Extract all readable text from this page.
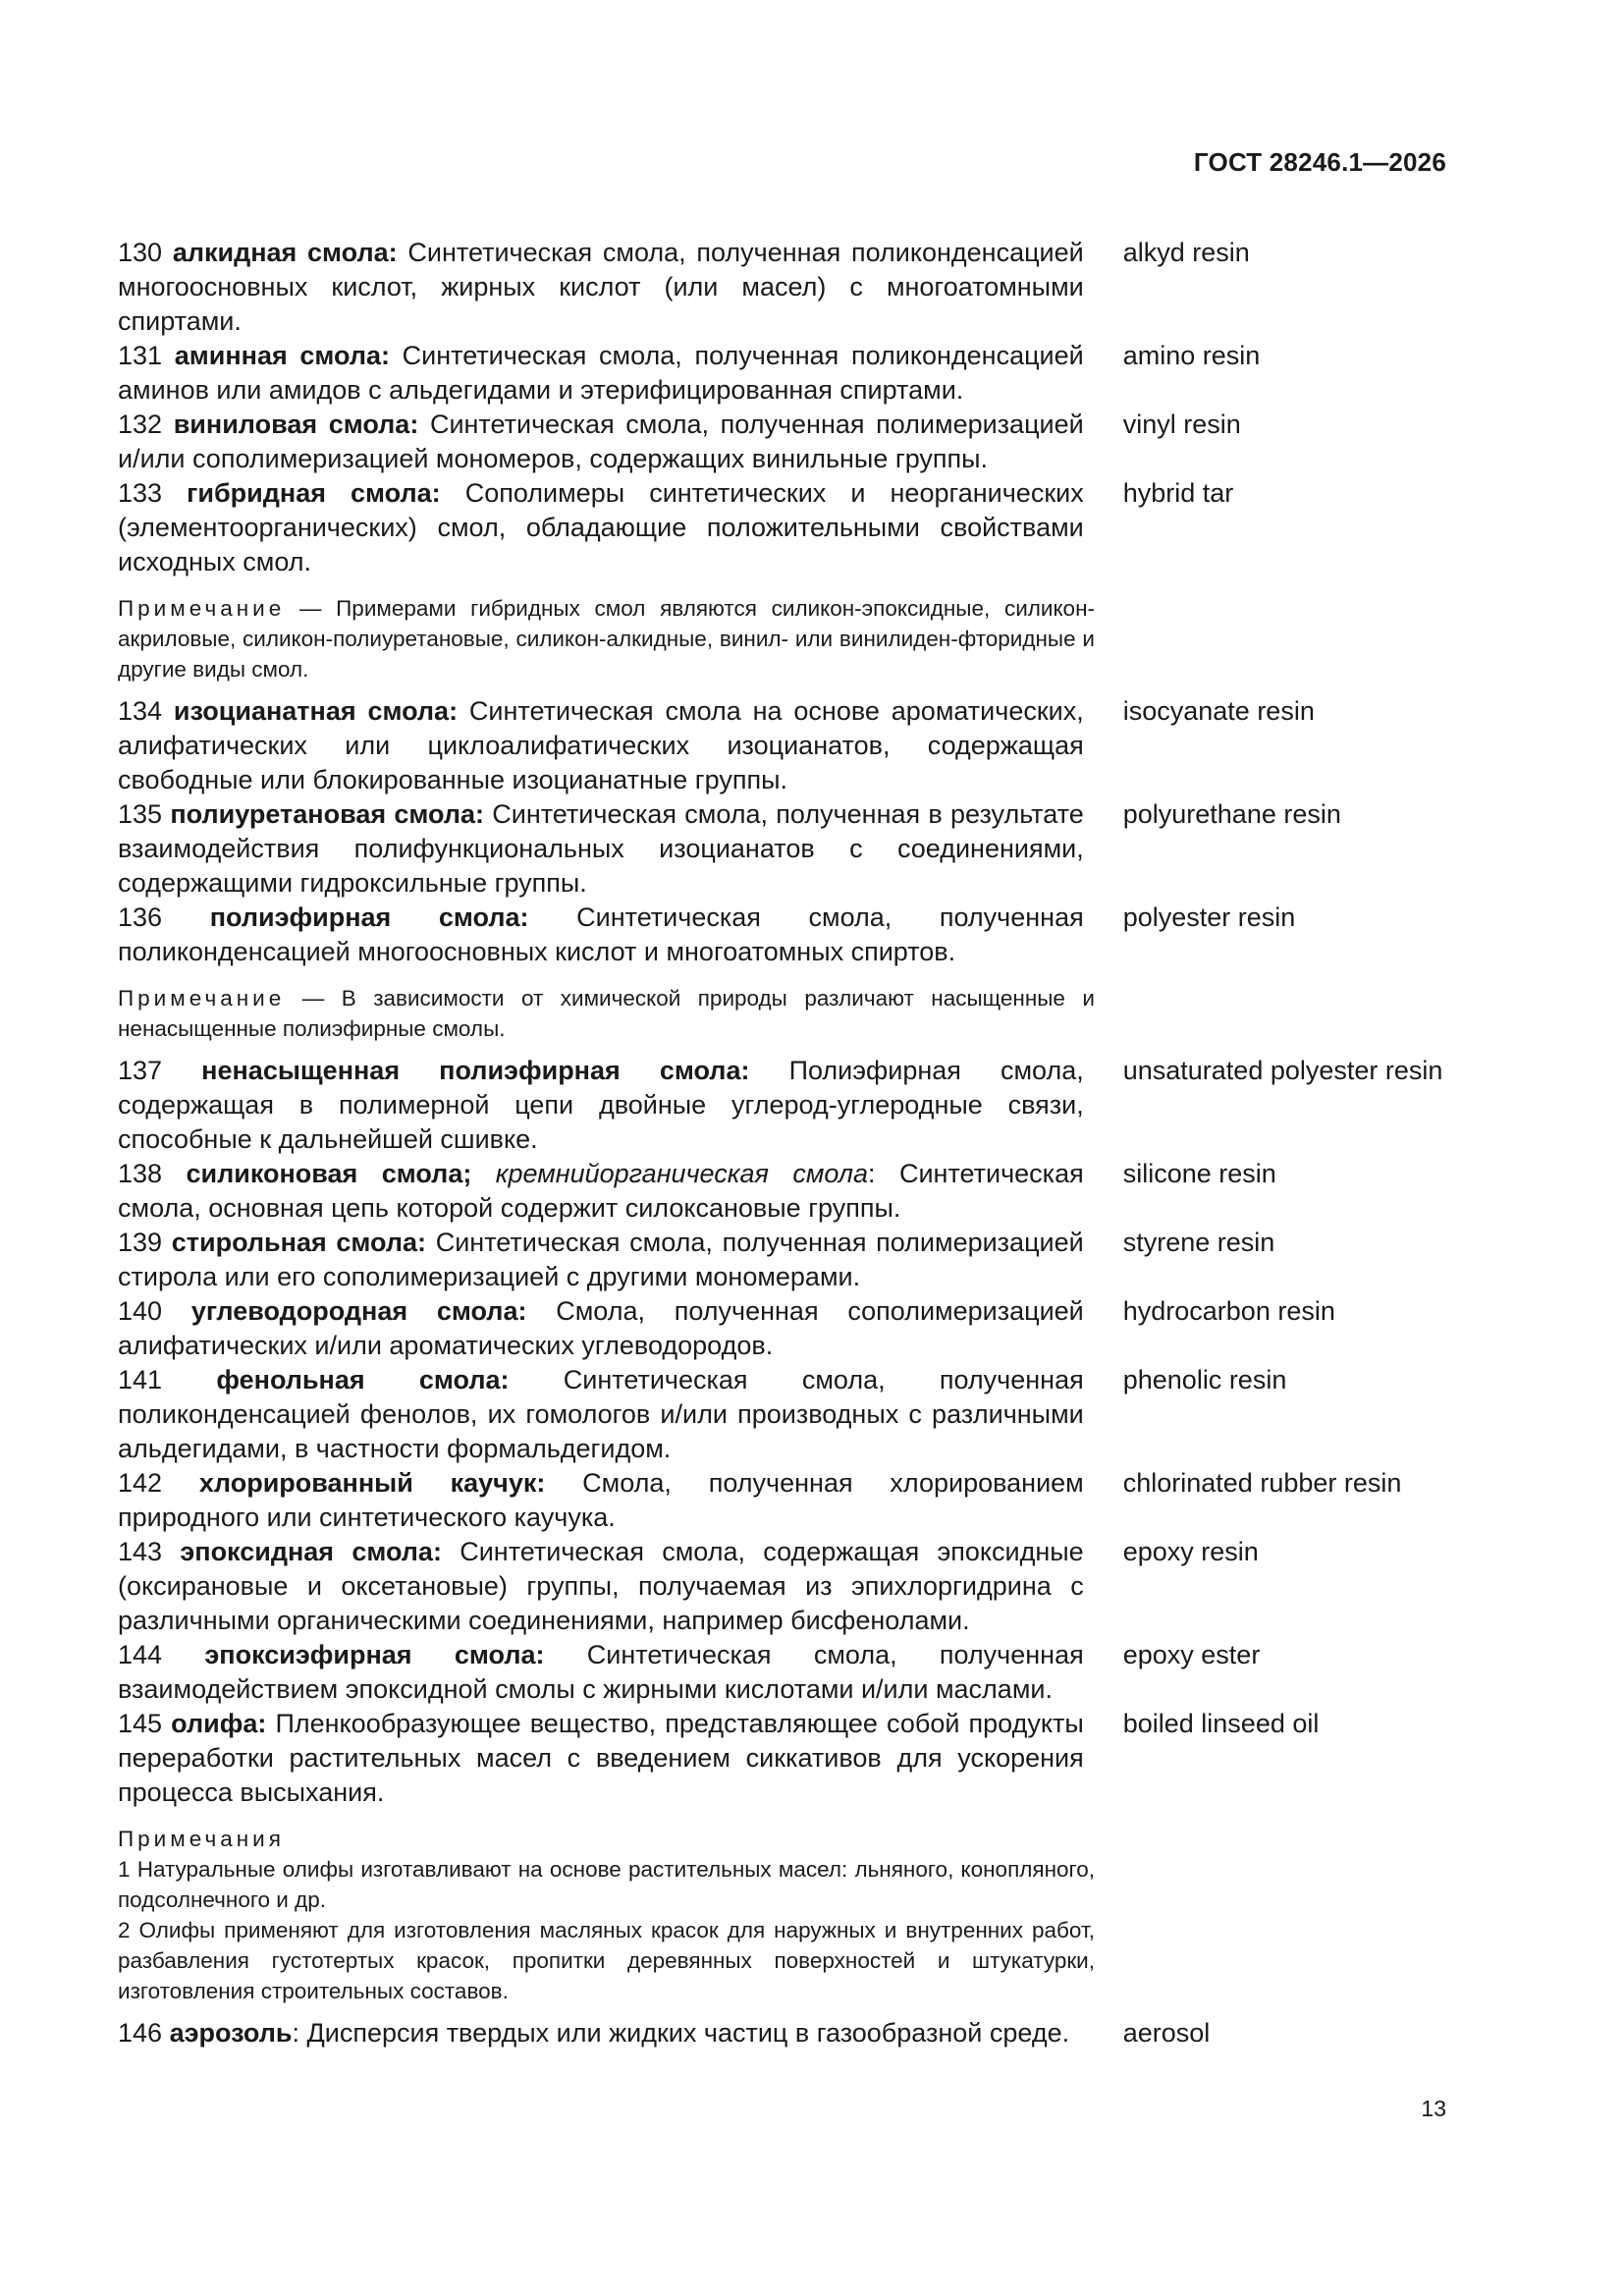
ГОСТ 28246.1—2026

130 алкидная смола: Синтетическая смола, полученная поликонденсацией многоосновных кислот, жирных кислот (или масел) с многоатомными спиртами.

alkyd resin

131 аминная смола: Синтетическая смола, полученная поликонденсацией аминов или амидов с альдегидами и этерифицированная спиртами.

amino resin

132 виниловая смола: Синтетическая смола, полученная полимеризацией и/или сополимеризацией мономеров, содержащих винильные группы.

vinyl resin

133 гибридная смола: Сополимеры синтетических и неорганических (элементоорганических) смол, обладающие положительными свойствами исходных смол.

hybrid tar

Примечание — Примерами гибридных смол являются силикон-эпоксидные, силикон-акриловые, силикон-полиуретановые, силикон-алкидные, винил- или винилиден-фторидные и другие виды смол.

134 изоцианатная смола: Синтетическая смола на основе ароматических, алифатических или циклоалифатических изоцианатов, содержащая свободные или блокированные изоцианатные группы.

isocyanate resin

135 полиуретановая смола: Синтетическая смола, полученная в результате взаимодействия полифункциональных изоцианатов с соединениями, содержащими гидроксильные группы.

polyurethane resin

136 полиэфирная смола: Синтетическая смола, полученная поликонденсацией многоосновных кислот и многоатомных спиртов.

polyester resin

Примечание — В зависимости от химической природы различают насыщенные и ненасыщенные полиэфирные смолы.

137 ненасыщенная полиэфирная смола: Полиэфирная смола, содержащая в полимерной цепи двойные углерод-углеродные связи, способные к дальнейшей сшивке.

unsaturated polyester resin

138 силиконовая смола; кремнийорганическая смола: Синтетическая смола, основная цепь которой содержит силоксановые группы.

silicone resin

139 стирольная смола: Синтетическая смола, полученная полимеризацией стирола или его сополимеризацией с другими мономерами.

styrene resin

140 углеводородная смола: Смола, полученная сополимеризацией алифатических и/или ароматических углеводородов.

hydrocarbon resin

141 фенольная смола: Синтетическая смола, полученная поликонденсацией фенолов, их гомологов и/или производных с различными альдегидами, в частности формальдегидом.

phenolic resin

142 хлорированный каучук: Смола, полученная хлорированием природного или синтетического каучука.

chlorinated rubber resin

143 эпоксидная смола: Синтетическая смола, содержащая эпоксидные (оксирановые и оксетановые) группы, получаемая из эпихлоргидрина с различными органическими соединениями, например бисфенолами.

epoxy resin

144 эпоксиэфирная смола: Синтетическая смола, полученная взаимодействием эпоксидной смолы с жирными кислотами и/или маслами.

epoxy ester

145 олифа: Пленкообразующее вещество, представляющее собой продукты переработки растительных масел с введением сиккативов для ускорения процесса высыхания.

boiled linseed oil

Примечания

1 Натуральные олифы изготавливают на основе растительных масел: льняного, конопляного, подсолнечного и др.

2 Олифы применяют для изготовления масляных красок для наружных и внутренних работ, разбавления густотертых красок, пропитки деревянных поверхностей и штукатурки, изготовления строительных составов.

146 аэрозоль: Дисперсия твердых или жидких частиц в газообразной среде.	aerosol
13
